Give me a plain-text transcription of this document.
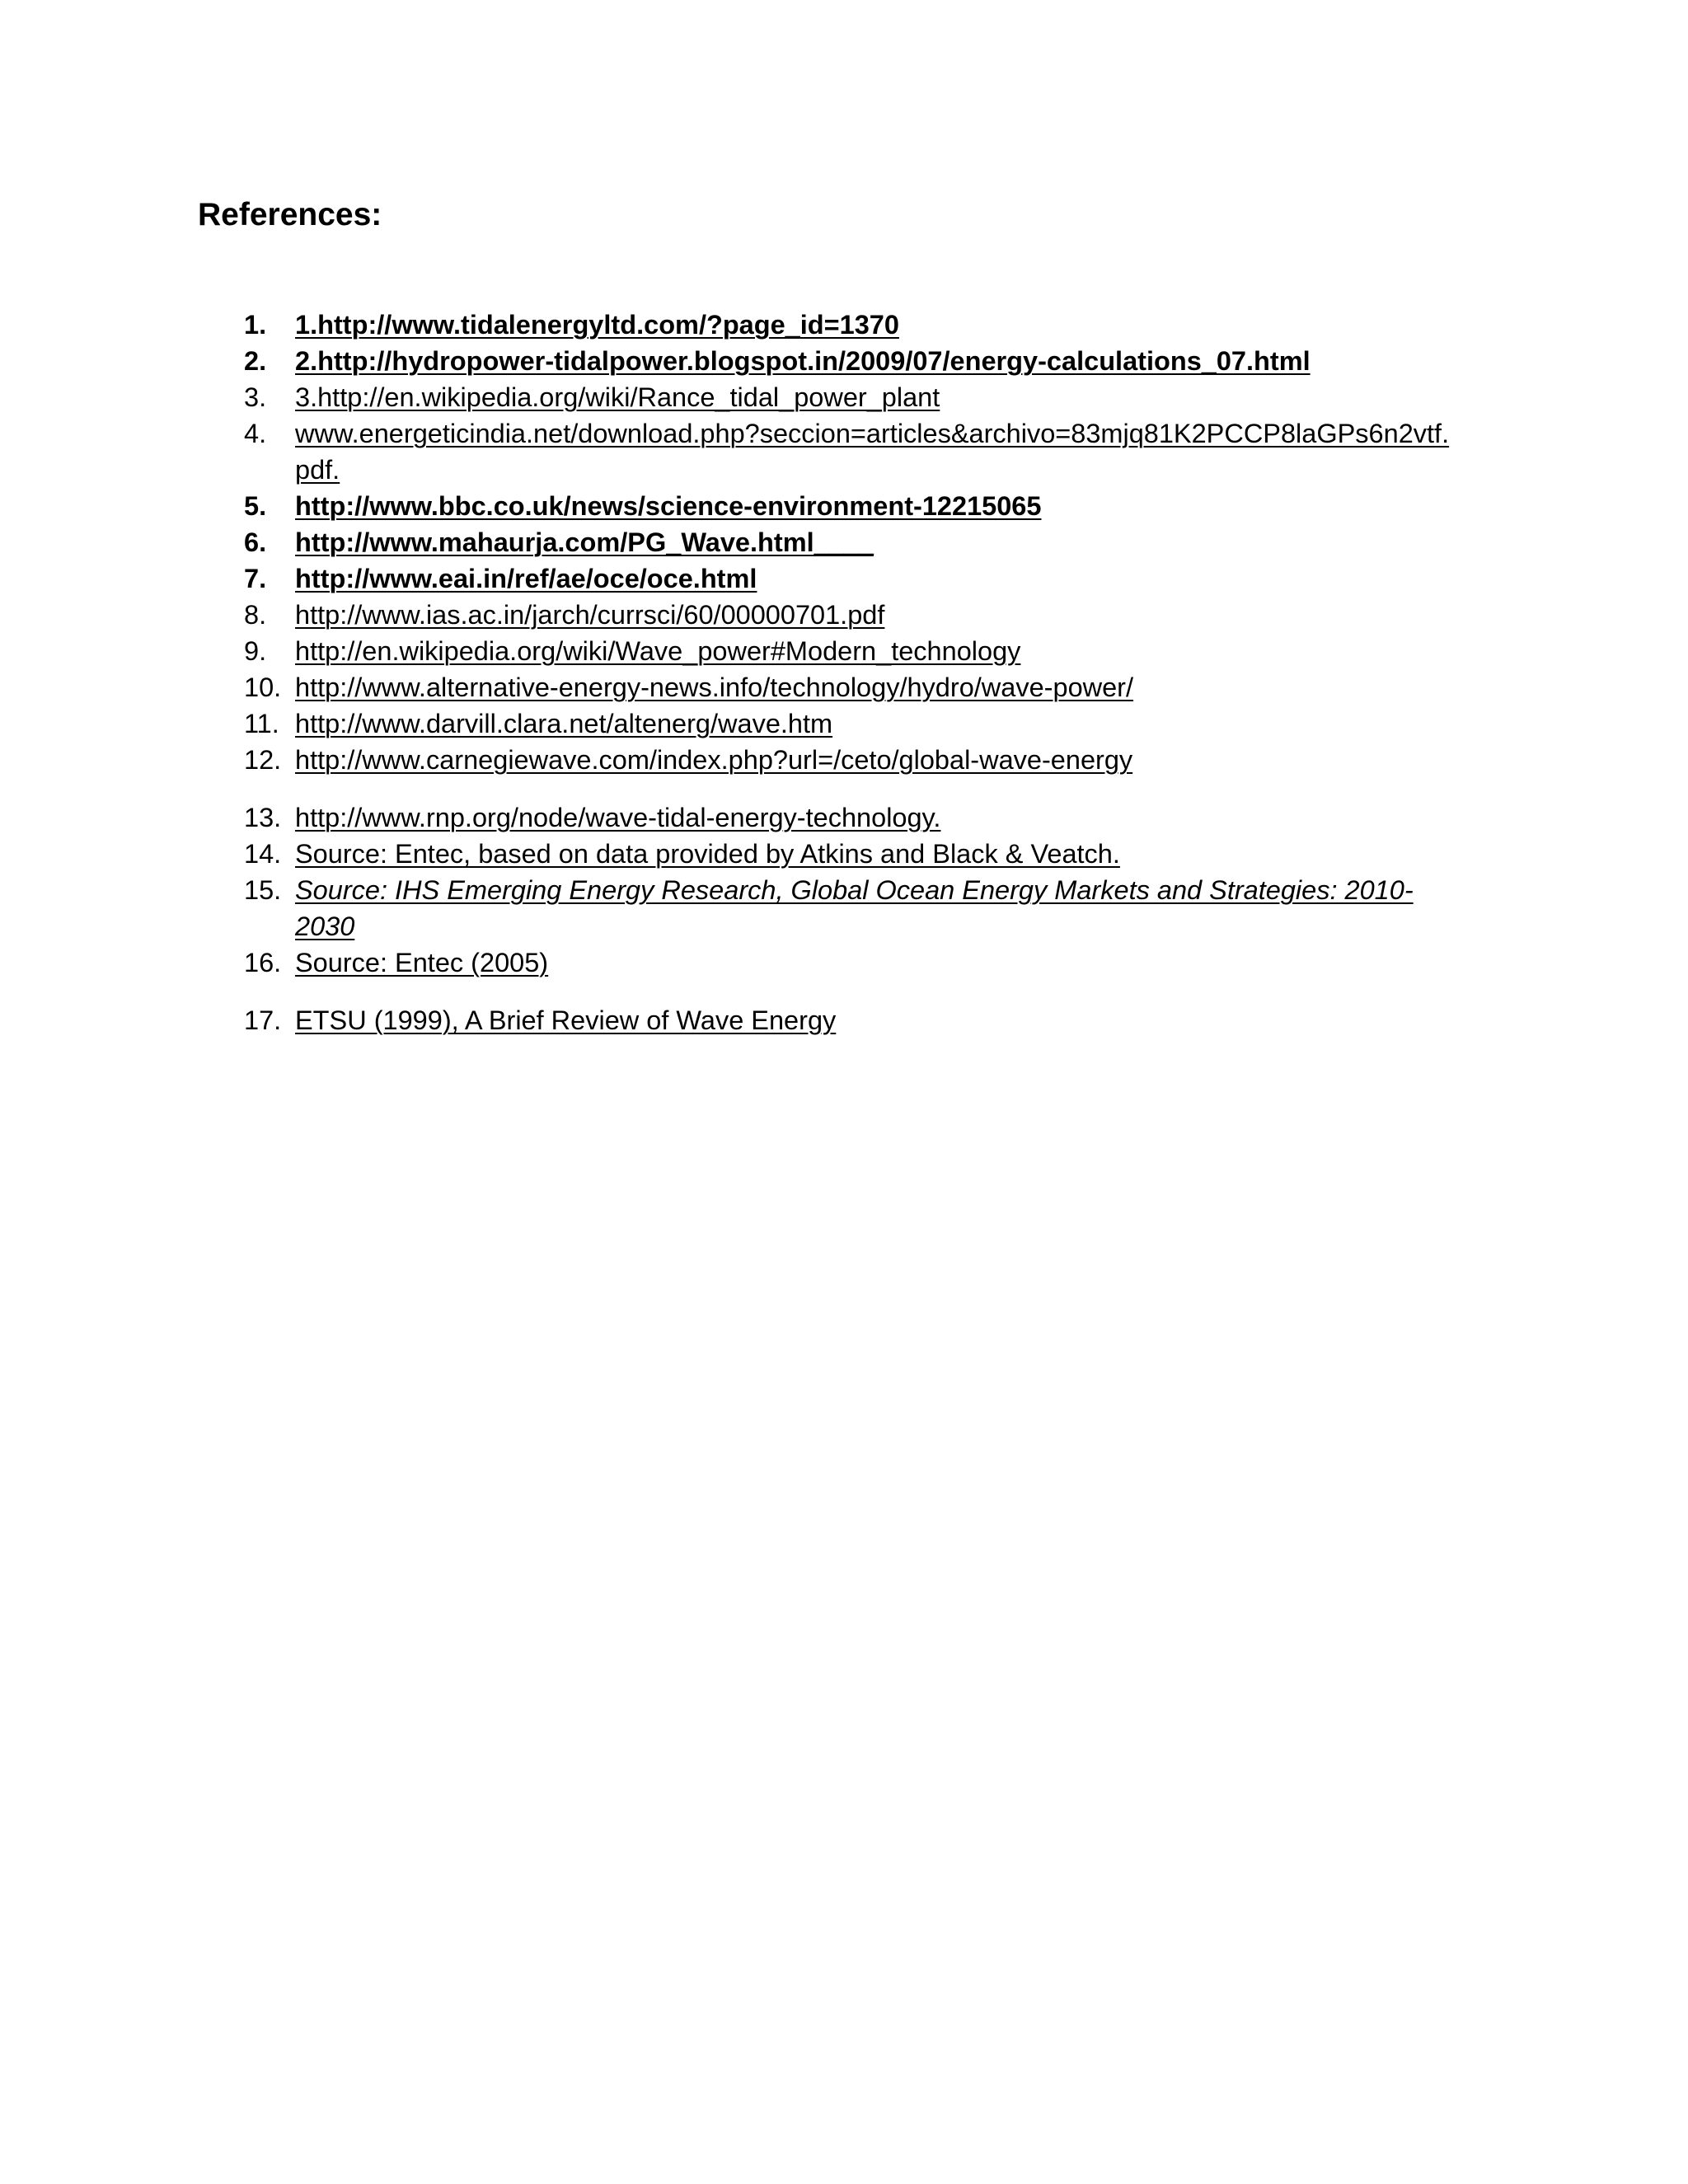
References:
1.	1.http://www.tidalenergyltd.com/?page_id=1370
2.	2.http://hydropower-tidalpower.blogspot.in/2009/07/energy-calculations_07.html
3.	3.http://en.wikipedia.org/wiki/Rance_tidal_power_plant
4.	www.energeticindia.net/download.php?seccion=articles&archivo=83mjq81K2PCCP8laGPs6n2vtf.
pdf.
5.	http://www.bbc.co.uk/news/science-environment-12215065
6.	http://www.mahaurja.com/PG_Wave.html____
7.	http://www.eai.in/ref/ae/oce/oce.html
8.	http://www.ias.ac.in/jarch/currsci/60/00000701.pdf
9.	http://en.wikipedia.org/wiki/Wave_power#Modern_technology
10. http://www.alternative-energy-news.info/technology/hydro/wave-power/
11. http://www.darvill.clara.net/altenerg/wave.htm
12. http://www.carnegiewave.com/index.php?url=/ceto/global-wave-energy
13. http://www.rnp.org/node/wave-tidal-energy-technology.
14. Source: Entec, based on data provided by Atkins and Black & Veatch.
15. Source: IHS Emerging Energy Research, Global Ocean Energy Markets and Strategies: 2010-
2030
16. Source: Entec (2005)
17. ETSU (1999), A Brief Review of Wave Energy
